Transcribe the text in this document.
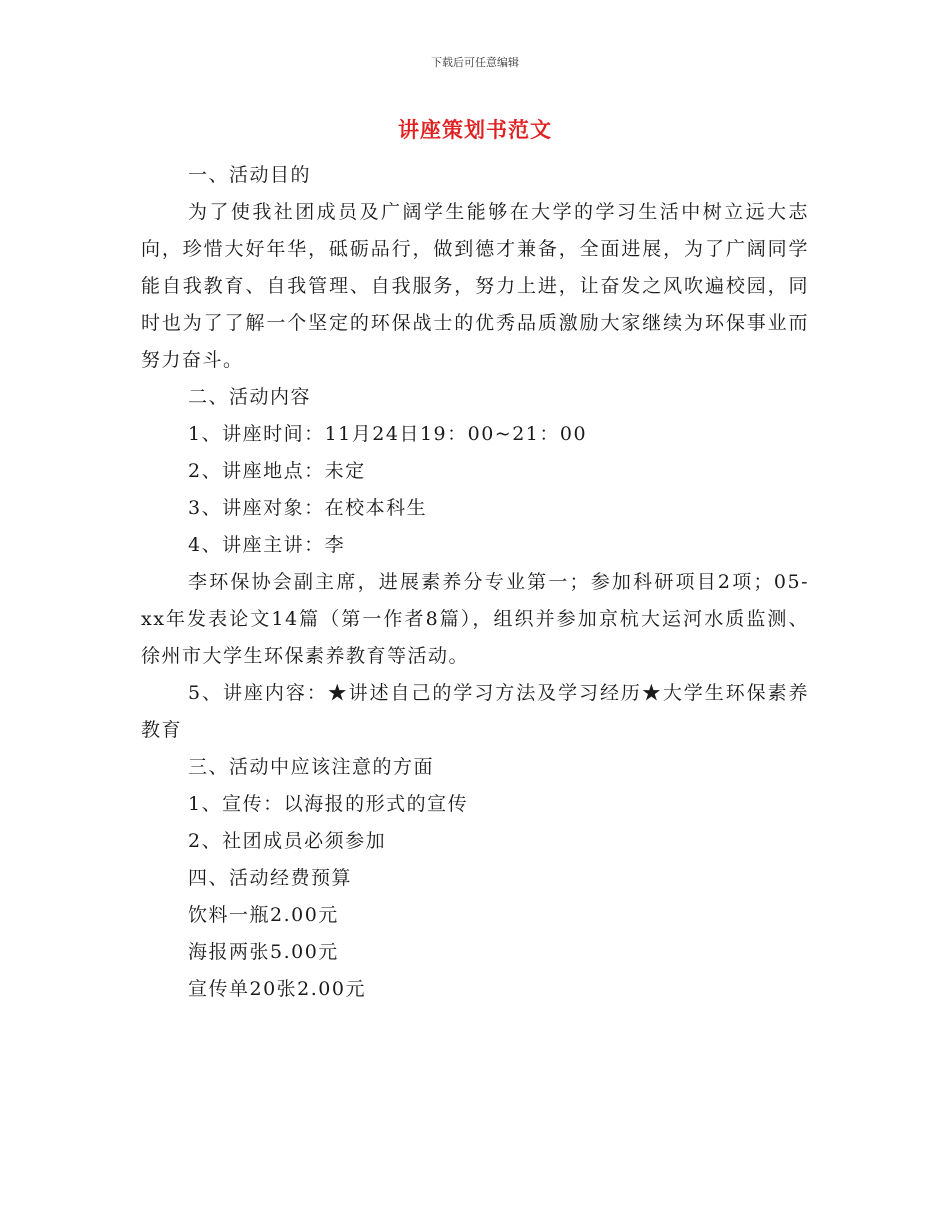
下载后可任意编辑
讲座策划书范文

一、活动目的

为了使我社团成员及广阔学生能够在大学的学习生活中树立远大志向，珍惜大好年华，砥砺品行，做到德才兼备，全面进展，为了广阔同学能自我教育、自我管理、自我服务，努力上进，让奋发之风吹遍校园，同时也为了了解一个坚定的环保战士的优秀品质激励大家继续为环保事业而努力奋斗。

二、活动内容

1、讲座时间：11月24日19：00~21：00

2、讲座地点：未定

3、讲座对象：在校本科生

4、讲座主讲：李

李环保协会副主席，进展素养分专业第一；参加科研项目2项；05-xx年发表论文14篇（第一作者8篇），组织并参加京杭大运河水质监测、徐州市大学生环保素养教育等活动。

5、讲座内容：★讲述自己的学习方法及学习经历★大学生环保素养教育

三、活动中应该注意的方面

1、宣传：以海报的形式的宣传

2、社团成员必须参加

四、活动经费预算

饮料一瓶2.00元

海报两张5.00元

宣传单20张2.00元
